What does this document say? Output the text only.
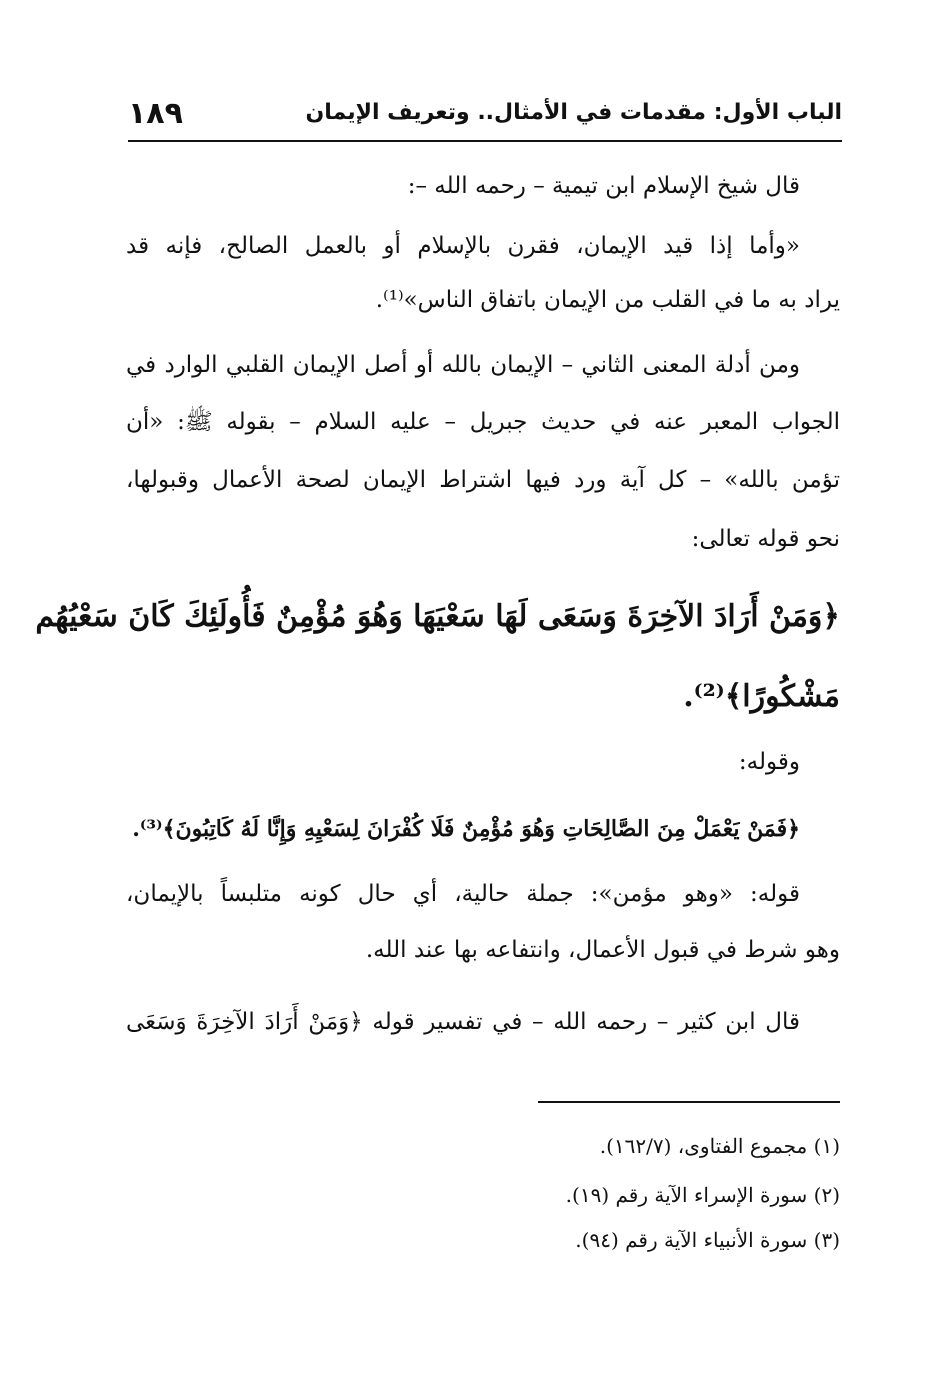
الباب الأول: مقدمات في الأمثال.. وتعريف الإيمان
١٨٩
قال شيخ الإسلام ابن تيمية – رحمه الله –:
«وأما إذا قيد الإيمان، فقرن بالإسلام أو بالعمل الصالح، فإنه قد
يراد به ما في القلب من الإيمان باتفاق الناس»⁽¹⁾.
ومن أدلة المعنى الثاني – الإيمان بالله أو أصل الإيمان القلبي الوارد في
الجواب المعبر عنه في حديث جبريل – عليه السلام – بقوله ﷺ: «أن
تؤمن بالله» – كل آية ورد فيها اشتراط الإيمان لصحة الأعمال وقبولها،
نحو قوله تعالى:
﴿وَمَنْ أَرَادَ الآخِرَةَ وَسَعَى لَهَا سَعْيَهَا وَهُوَ مُؤْمِنٌ فَأُولَئِكَ كَانَ سَعْيُهُم
مَشْكُورًا﴾⁽²⁾.
وقوله:
﴿فَمَنْ يَعْمَلْ مِنَ الصَّالِحَاتِ وَهُوَ مُؤْمِنٌ فَلَا كُفْرَانَ لِسَعْيِهِ وَإِنَّا لَهُ كَاتِبُونَ﴾⁽³⁾.
قوله: «وهو مؤمن»: جملة حالية، أي حال كونه متلبساً بالإيمان،
وهو شرط في قبول الأعمال، وانتفاعه بها عند الله.
قال ابن كثير – رحمه الله – في تفسير قوله ﴿وَمَنْ أَرَادَ الآخِرَةَ وَسَعَى
(١) مجموع الفتاوى، (١٦٢/٧).
(٢) سورة الإسراء الآية رقم (١٩).
(٣) سورة الأنبياء الآية رقم (٩٤).
